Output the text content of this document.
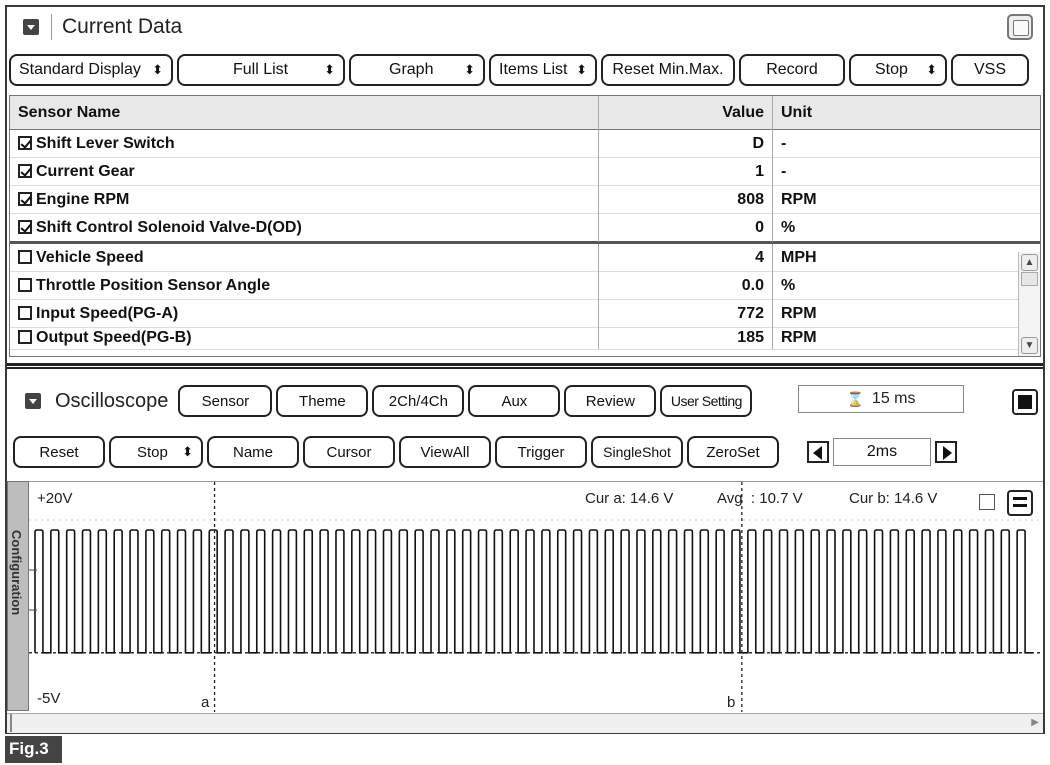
Current Data
Standard Display ⬍	Full List	⬍	Graph ⬍ Items List ⬍	Reset Min.Max.	Record	Stop ⬍	VSS
Sensor Name	Value	Unit
Shift Lever Switch	D	-
Current Gear	1	-
Engine RPM	808	RPM
Shift Control Solenoid Valve-D(OD)	0	%
Vehicle Speed	4	MPH
Throttle Position Sensor Angle	0.0	%
Input Speed(PG-A)	772	RPM
Output Speed(PG-B)	185	RPM
▲
▼
Oscilloscope	Sensor	Theme	2Ch/4Ch	Aux	Review	User Setting	⌛ 15 ms
Reset	Stop ⬍	Name	Cursor	ViewAll	Trigger	SingleShot	ZeroSet	2ms
Configuration
+20V
-5V
Cur a: 14.6 V	Avg  : 10.7 V	Cur b: 14.6 V
a	b
▶
Fig.3
